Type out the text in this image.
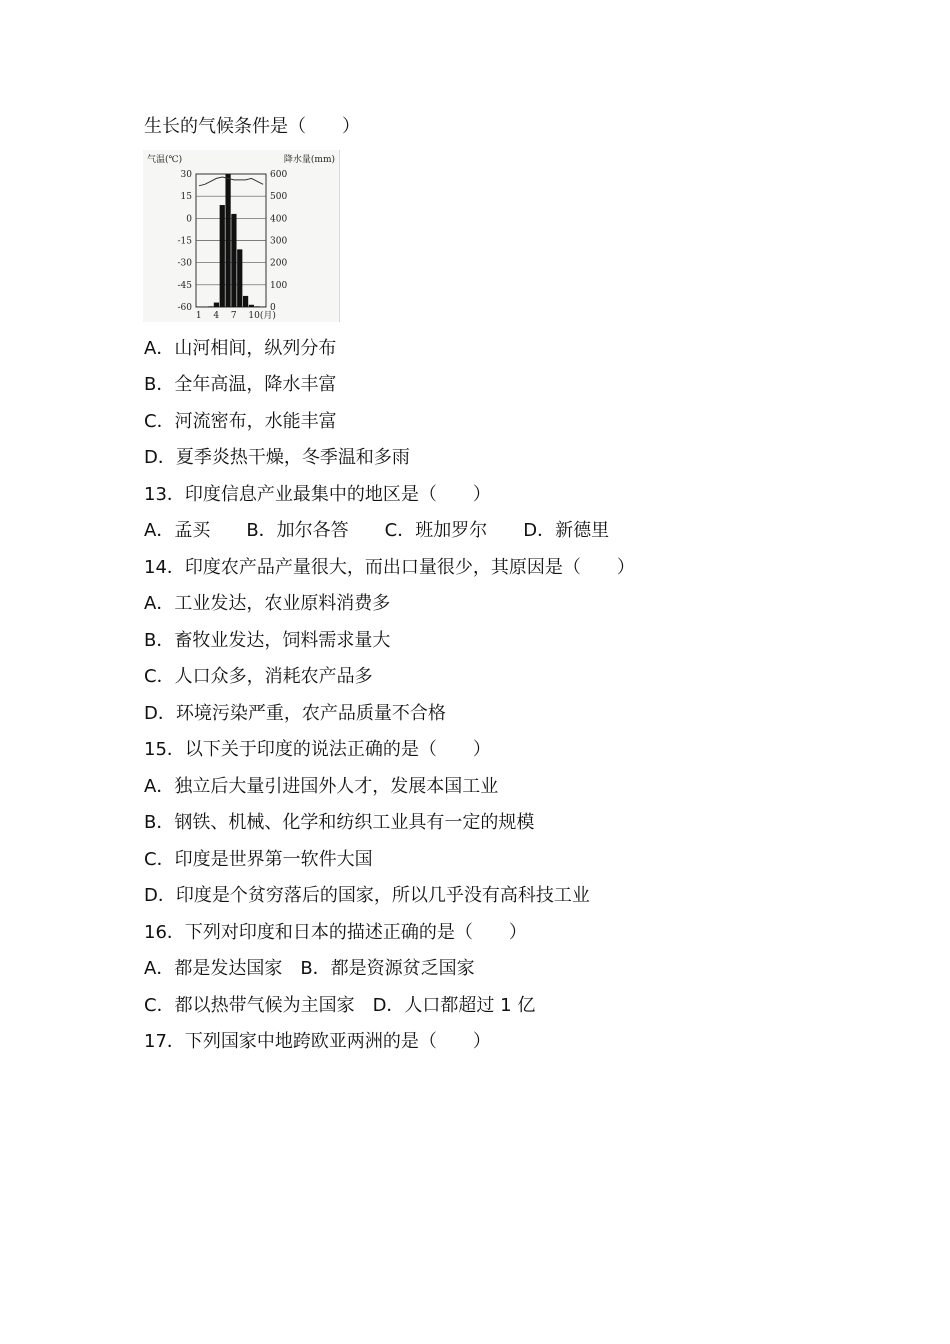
生长的气候条件是（　　）
A．山河相间，纵列分布
B．全年高温，降水丰富
C．河流密布，水能丰富
D．夏季炎热干燥，冬季温和多雨
13．印度信息产业最集中的地区是（　　）
A．孟买　　B．加尔各答　　C．班加罗尔　　D．新德里
14．印度农产品产量很大，而出口量很少，其原因是（　　）
A．工业发达，农业原料消费多
B．畜牧业发达，饲料需求量大
C．人口众多，消耗农产品多
D．环境污染严重，农产品质量不合格
15．以下关于印度的说法正确的是（　　）
A．独立后大量引进国外人才，发展本国工业
B．钢铁、机械、化学和纺织工业具有一定的规模
C．印度是世界第一软件大国
D．印度是个贫穷落后的国家，所以几乎没有高科技工业
16．下列对印度和日本的描述正确的是（　　）
A．都是发达国家　B．都是资源贫乏国家
C．都以热带气候为主国家　D．人口都超过 1 亿
17．下列国家中地跨欧亚两洲的是（　　）
30
15
0
-15
-30
-45
-60
600
500
400
300
200
100
0
气温(℃)	降水量(mm)
1 4 7 10(月)
